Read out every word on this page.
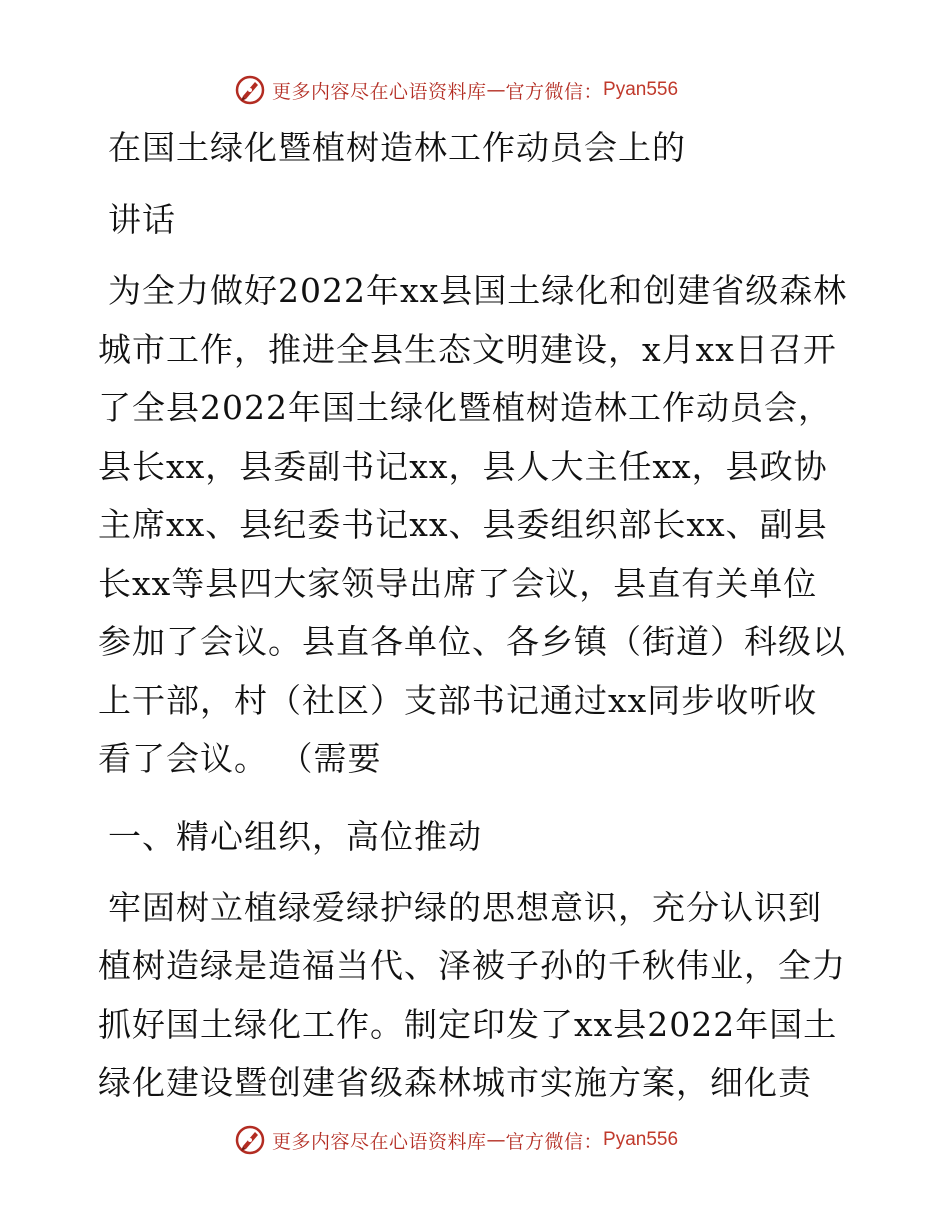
更多内容尽在心语资料库 — 官方微信： Pyan556
在国土绿化暨植树造林工作动员会上的
讲话
为全力做好2022年xx县国土绿化和创建省级森林
城市工作，推进全县生态文明建设，x月xx日召开
了全县2022年国土绿化暨植树造林工作动员会，
县长xx，县委副书记xx，县人大主任xx，县政协
主席xx、县纪委书记xx、县委组织部长xx、副县
长xx等县四大家领导出席了会议，县直有关单位
参加了会议。县直各单位、各乡镇（街道）科级以
上干部，村（社区）支部书记通过xx同步收听收
看了会议。 （需要
一、精心组织，高位推动
牢固树立植绿爱绿护绿的思想意识，充分认识到
植树造绿是造福当代、泽被子孙的千秋伟业，全力
抓好国土绿化工作。制定印发了xx县2022年国土
绿化建设暨创建省级森林城市实施方案，细化责
更多内容尽在心语资料库 — 官方微信： Pyan556
